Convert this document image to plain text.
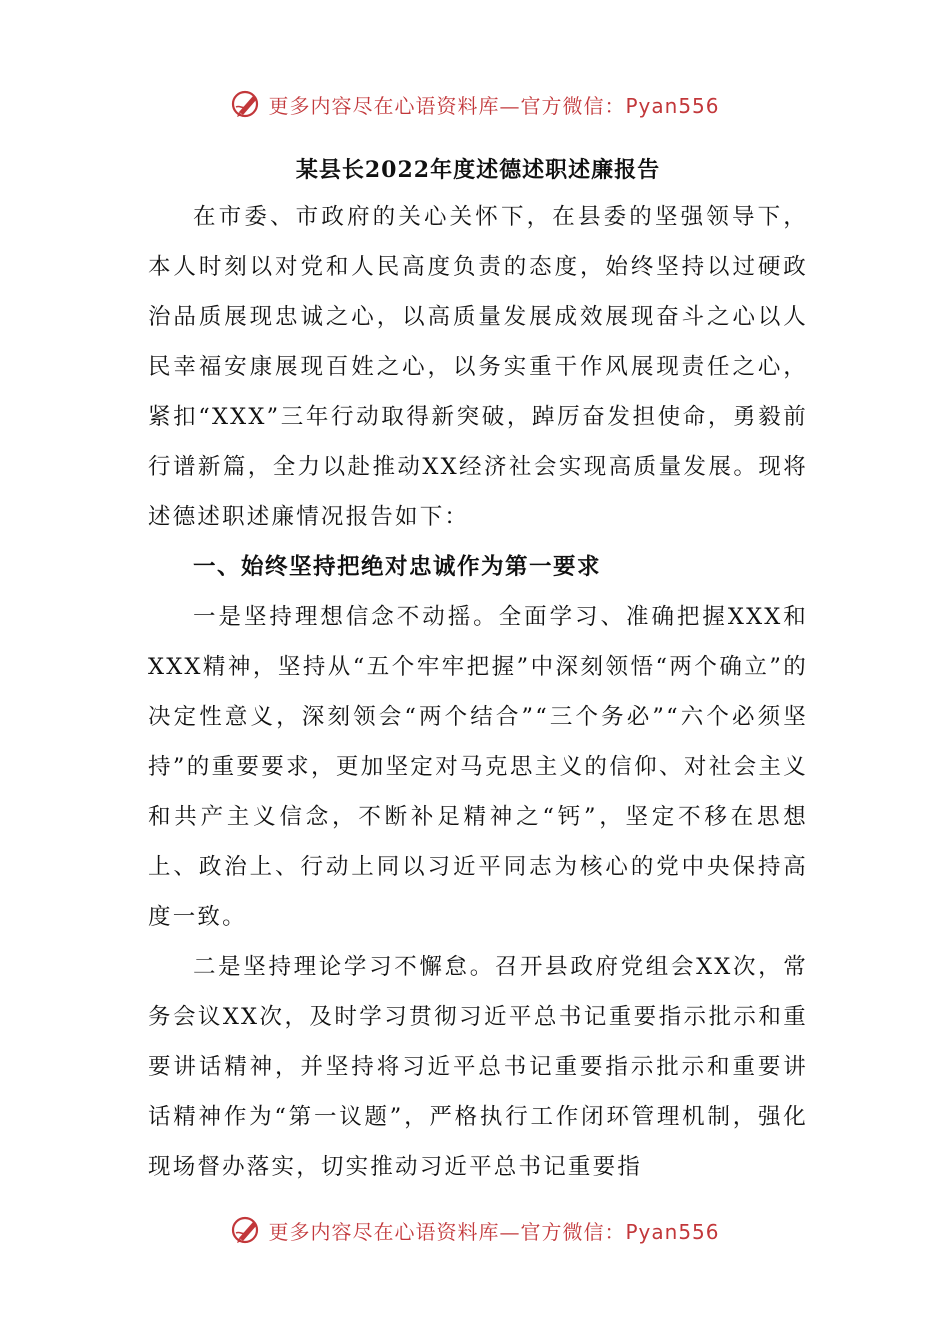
更多内容尽在心语资料库—官方微信：Pyan556
某县长2022年度述德述职述廉报告

在市委、市政府的关心关怀下，在县委的坚强领导下，本人时刻以对党和人民高度负责的态度，始终坚持以过硬政治品质展现忠诚之心，以高质量发展成效展现奋斗之心以人民幸福安康展现百姓之心，以务实重干作风展现责任之心，紧扣“XXX”三年行动取得新突破，踔厉奋发担使命，勇毅前行谱新篇，全力以赴推动XX经济社会实现高质量发展。现将述德述职述廉情况报告如下：

一、始终坚持把绝对忠诚作为第一要求

一是坚持理想信念不动摇。全面学习、准确把握XXX和XXX精神，坚持从“五个牢牢把握”中深刻领悟“两个确立”的决定性意义，深刻领会“两个结合”“三个务必”“六个必须坚持”的重要要求，更加坚定对马克思主义的信仰、对社会主义和共产主义信念，不断补足精神之“钙”，坚定不移在思想上、政治上、行动上同以习近平同志为核心的党中央保持高度一致。

二是坚持理论学习不懈怠。召开县政府党组会XX次，常务会议XX次，及时学习贯彻习近平总书记重要指示批示和重要讲话精神，并坚持将习近平总书记重要指示批示和重要讲话精神作为“第一议题”，严格执行工作闭环管理机制，强化现场督办落实，切实推动习近平总书记重要指

更多内容尽在心语资料库—官方微信：Pyan556
